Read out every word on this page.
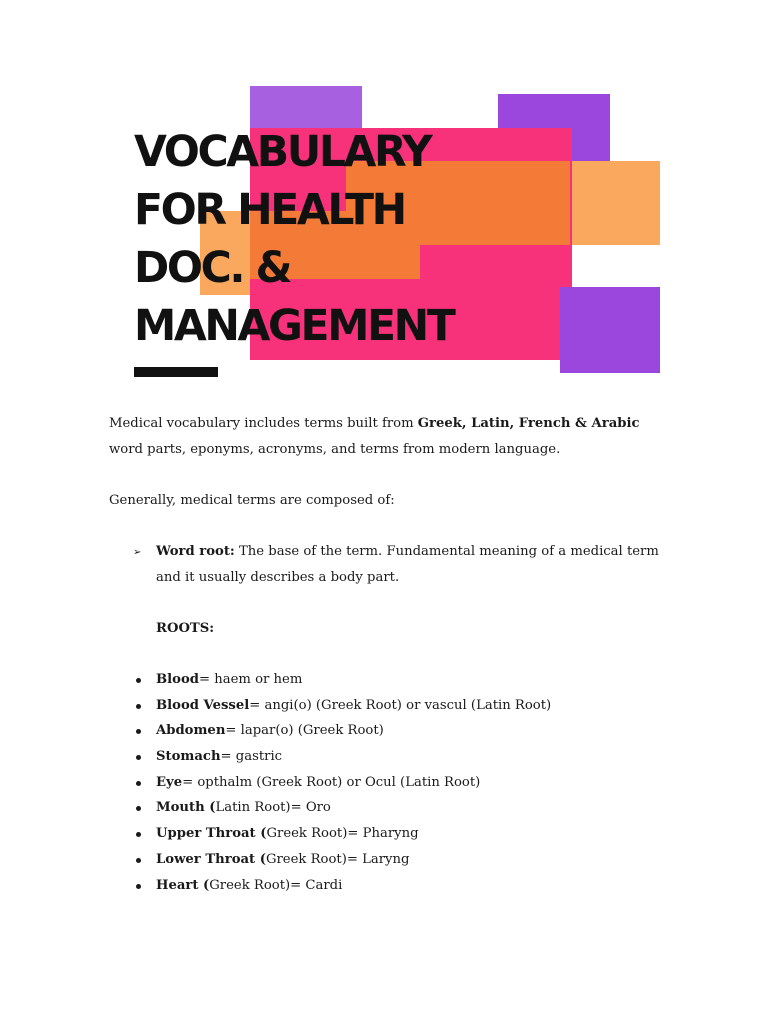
VOCABULARY
FOR HEALTH
DOC. &
MANAGEMENT
Medical vocabulary includes terms built from Greek, Latin, French & Arabic
word parts, eponyms, acronyms, and terms from modern language.
Generally, medical terms are composed of:
➢ Word root: The base of the term. Fundamental meaning of a medical term
and it usually describes a body part.
ROOTS:
Blood= haem or hem
Blood Vessel= angi(o) (Greek Root) or vascul (Latin Root)
Abdomen= lapar(o) (Greek Root)
Stomach= gastric
Eye= opthalm (Greek Root) or Ocul (Latin Root)
Mouth (Latin Root)= Oro
Upper Throat (Greek Root)= Pharyng
Lower Throat (Greek Root)= Laryng
Heart (Greek Root)= Cardi
